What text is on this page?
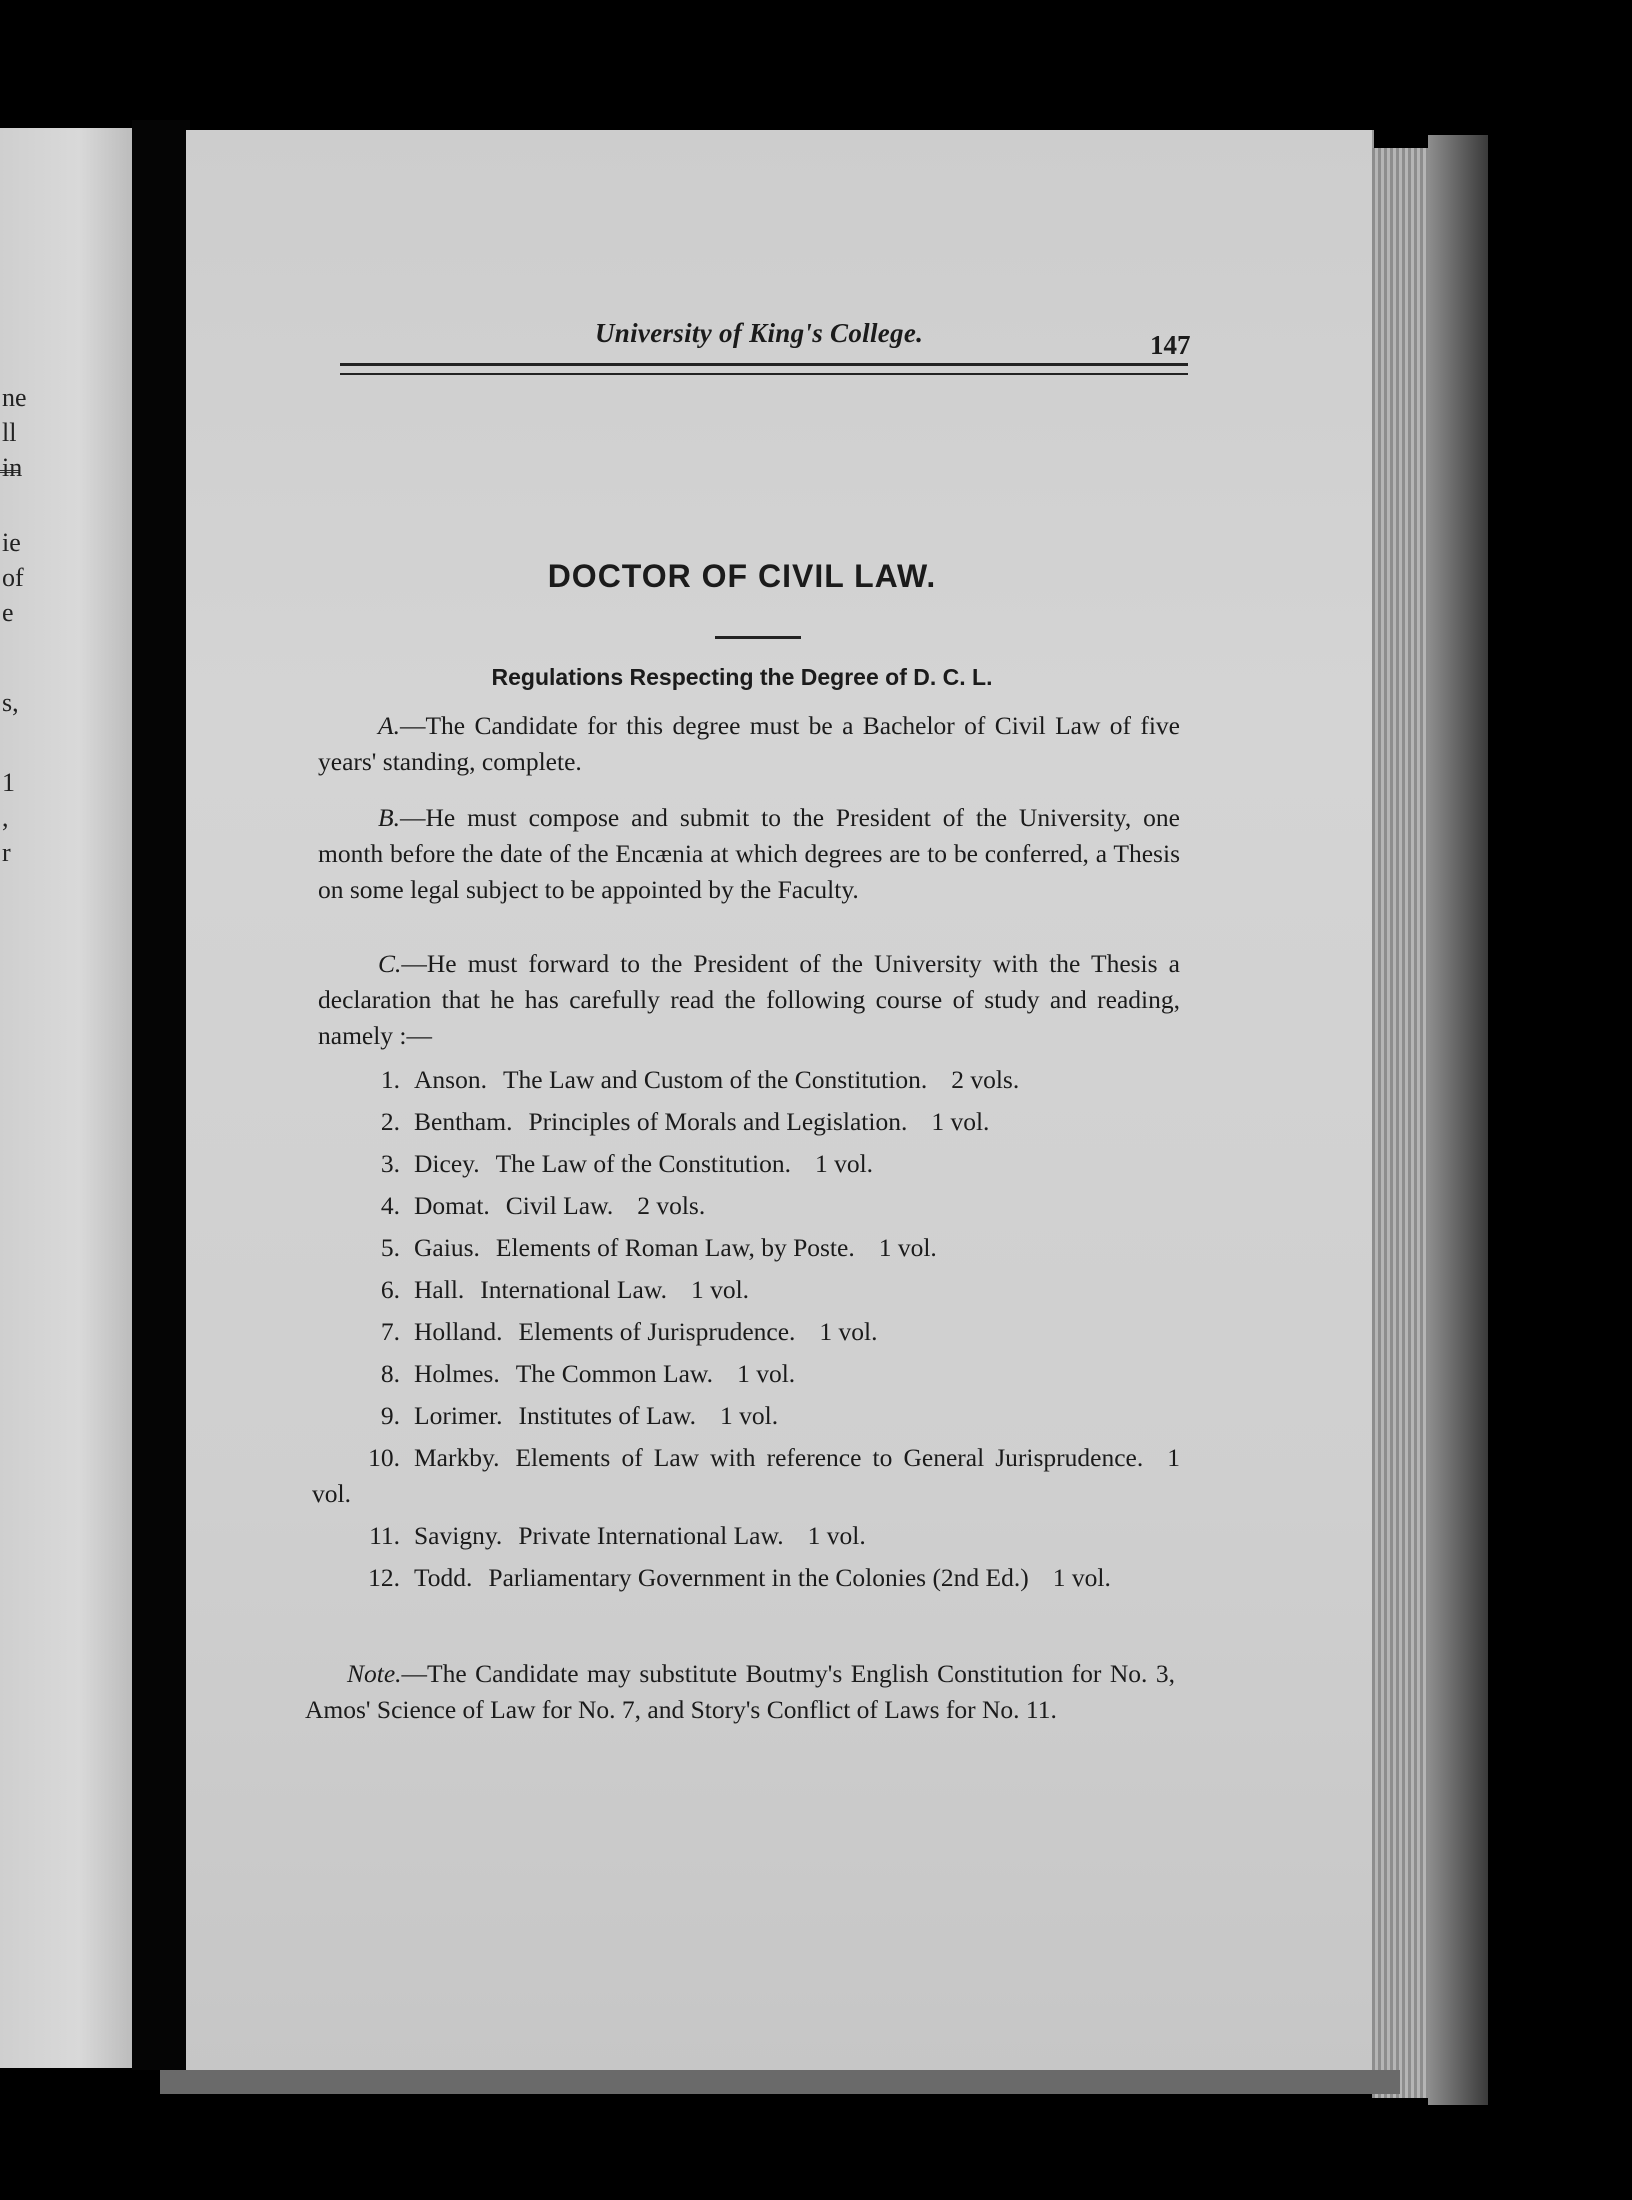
ne
ll
in
ie
of
e
s,
1
,
r
University of King's College.	147
DOCTOR OF CIVIL LAW.
Regulations Respecting the Degree of D. C. L.

A.—The Candidate for this degree must be a Bachelor of Civil Law of five years' standing, complete.

B.—He must compose and submit to the President of the University, one month before the date of the Encænia at which degrees are to be conferred, a Thesis on some legal subject to be appointed by the Faculty.

C.—He must forward to the President of the University with the Thesis a declaration that he has carefully read the following course of study and reading, namely :—

1. Anson. The Law and Custom of the Constitution. 2 vols.
2. Bentham. Principles of Morals and Legislation. 1 vol.
3. Dicey. The Law of the Constitution. 1 vol.
4. Domat. Civil Law. 2 vols.
5. Gaius. Elements of Roman Law, by Poste. 1 vol.
6. Hall. International Law. 1 vol.
7. Holland. Elements of Jurisprudence. 1 vol.
8. Holmes. The Common Law. 1 vol.
9. Lorimer. Institutes of Law. 1 vol.
10. Markby. Elements of Law with reference to General Jurisprudence. 1 vol.
11. Savigny. Private International Law. 1 vol.
12. Todd. Parliamentary Government in the Colonies (2nd Ed.) 1 vol.

Note.—The Candidate may substitute Boutmy's English Constitution for No. 3, Amos' Science of Law for No. 7, and Story's Conflict of Laws for No. 11.
